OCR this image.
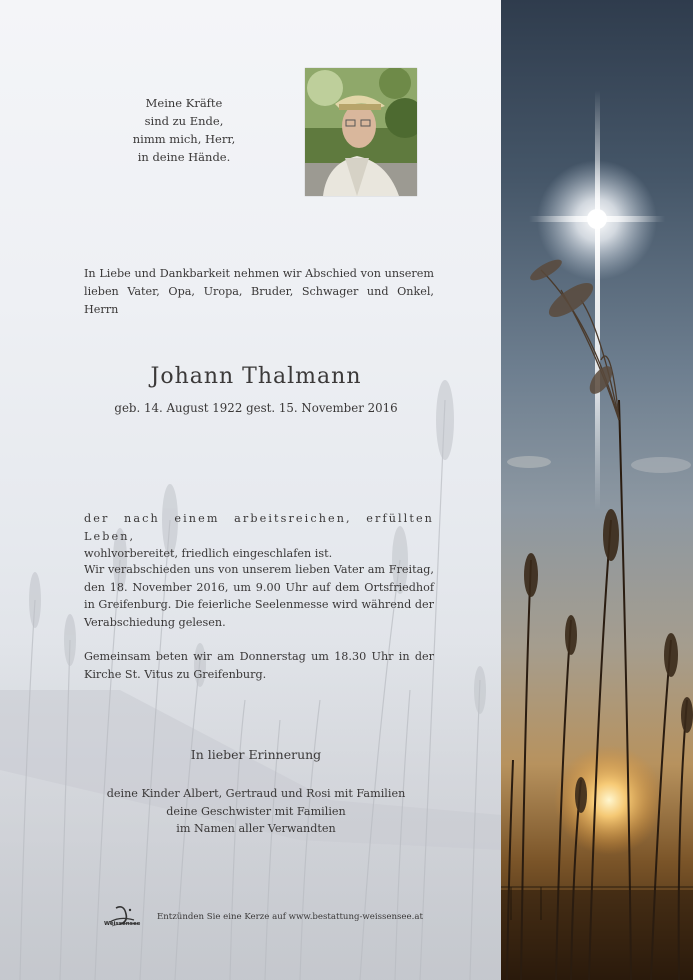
Meine Kräfte
sind zu Ende,
nimm mich, Herr,
in deine Hände.
In Liebe und Dankbarkeit nehmen wir Abschied von unserem lieben Vater, Opa, Uropa, Bruder, Schwager und Onkel, Herrn
Johann Thalmann
geb. 14. August 1922 gest. 15. November 2016
der nach einem arbeitsreichen, erfüllten Leben,
wohlvorbereitet, friedlich eingeschlafen ist.
Wir verabschieden uns von unserem lieben Vater am Freitag, den 18. November 2016, um 9.00 Uhr auf dem Ortsfriedhof in Greifenburg. Die feierliche Seelenmesse wird während der Verabschiedung gelesen.
Gemeinsam beten wir am Donnerstag um 18.30 Uhr in der Kirche St. Vitus zu Greifenburg.
In lieber Erinnerung
deine Kinder Albert, Gertraud und Rosi mit Familien
deine Geschwister mit Familien
im Namen aller Verwandten
Weissensee
Entzünden Sie eine Kerze auf www.bestattung-weissensee.at
